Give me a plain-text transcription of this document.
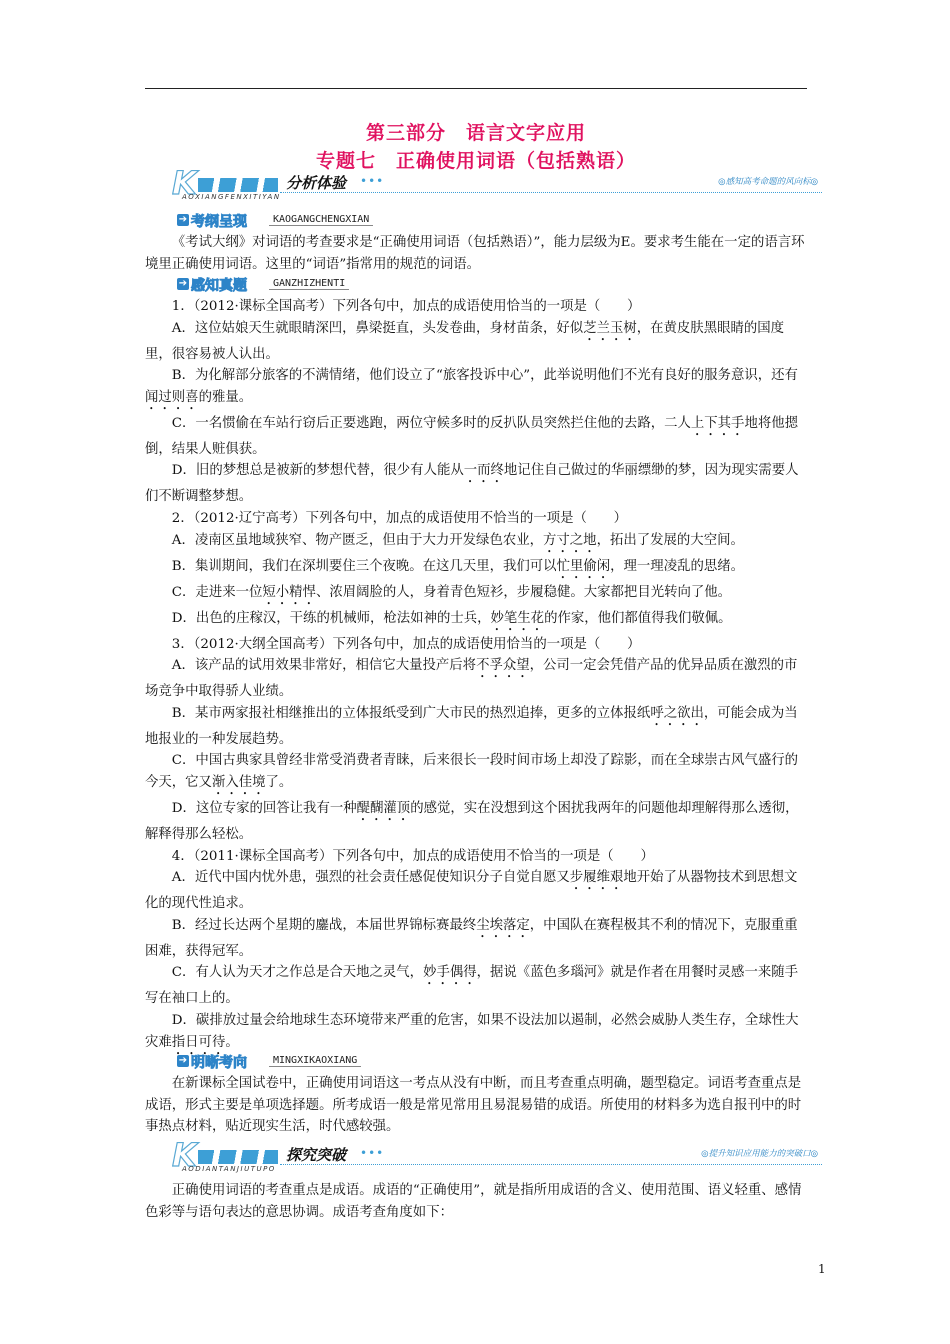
第三部分　语言文字应用
专题七　正确使用词语（包括熟语）
K	分析体验 •••	◎感知高考命题的风向标◎
AOXIANGFENXITIYAN
➔ 考纲呈现	KAOGANGCHENGXIAN

《考试大纲》对词语的考查要求是“正确使用词语（包括熟语）”，能力层级为E。要求考生能在一定的语言环境里正确使用词语。这里的“词语”指常用的规范的词语。

➔ 感知真题	GANZHIZHENTI

1．（2012·课标全国高考）下列各句中，加点的成语使用恰当的一项是（　　）

A．这位姑娘天生就眼睛深凹，鼻梁挺直，头发卷曲，身材苗条，好似芝兰玉树，在黄皮肤黑眼睛的国度里，很容易被人认出。

B．为化解部分旅客的不满情绪，他们设立了“旅客投诉中心”，此举说明他们不光有良好的服务意识，还有闻过则喜的雅量。

C．一名惯偷在车站行窃后正要逃跑，两位守候多时的反扒队员突然拦住他的去路，二人上下其手地将他摁倒，结果人赃俱获。

D．旧的梦想总是被新的梦想代替，很少有人能从一而终地记住自己做过的华丽缥缈的梦，因为现实需要人们不断调整梦想。

2．（2012·辽宁高考）下列各句中，加点的成语使用不恰当的一项是（　　）

A．凌南区虽地域狭窄、物产匮乏，但由于大力开发绿色农业，方寸之地，拓出了发展的大空间。

B．集训期间，我们在深圳要住三个夜晚。在这几天里，我们可以忙里偷闲，理一理凌乱的思绪。

C．走进来一位短小精悍、浓眉阔脸的人，身着青色短衫，步履稳健。大家都把目光转向了他。

D．出色的庄稼汉，干练的机械师，枪法如神的士兵，妙笔生花的作家，他们都值得我们敬佩。

3．（2012·大纲全国高考）下列各句中，加点的成语使用恰当的一项是（　　）

A．该产品的试用效果非常好，相信它大量投产后将不孚众望，公司一定会凭借产品的优异品质在激烈的市场竞争中取得骄人业绩。

B．某市两家报社相继推出的立体报纸受到广大市民的热烈追捧，更多的立体报纸呼之欲出，可能会成为当地报业的一种发展趋势。

C．中国古典家具曾经非常受消费者青睐，后来很长一段时间市场上却没了踪影，而在全球崇古风气盛行的今天，它又渐入佳境了。

D．这位专家的回答让我有一种醍醐灌顶的感觉，实在没想到这个困扰我两年的问题他却理解得那么透彻，解释得那么轻松。

4．（2011·课标全国高考）下列各句中，加点的成语使用不恰当的一项是（　　）

A．近代中国内忧外患，强烈的社会责任感促使知识分子自觉自愿又步履维艰地开始了从器物技术到思想文化的现代性追求。

B．经过长达两个星期的鏖战，本届世界锦标赛最终尘埃落定，中国队在赛程极其不利的情况下，克服重重困难，获得冠军。

C．有人认为天才之作总是合天地之灵气，妙手偶得，据说《蓝色多瑙河》就是作者在用餐时灵感一来随手写在袖口上的。

D．碳排放过量会给地球生态环境带来严重的危害，如果不设法加以遏制，必然会威胁人类生存，全球性大灾难指日可待。

➔ 明晰考向	MINGXIKAOXIANG

在新课标全国试卷中，正确使用词语这一考点从没有中断，而且考查重点明确，题型稳定。词语考查重点是成语，形式主要是单项选择题。所考成语一般是常见常用且易混易错的成语。所使用的材料多为选自报刊中的时事热点材料，贴近现实生活，时代感较强。

K	探究突破 •••	◎提升知识应用能力的突破口◎
AODIANTANJIUTUPO

正确使用词语的考查重点是成语。成语的“正确使用”，就是指所用成语的含义、使用范围、语义轻重、感情色彩等与语句表达的意思协调。成语考查角度如下：

1
